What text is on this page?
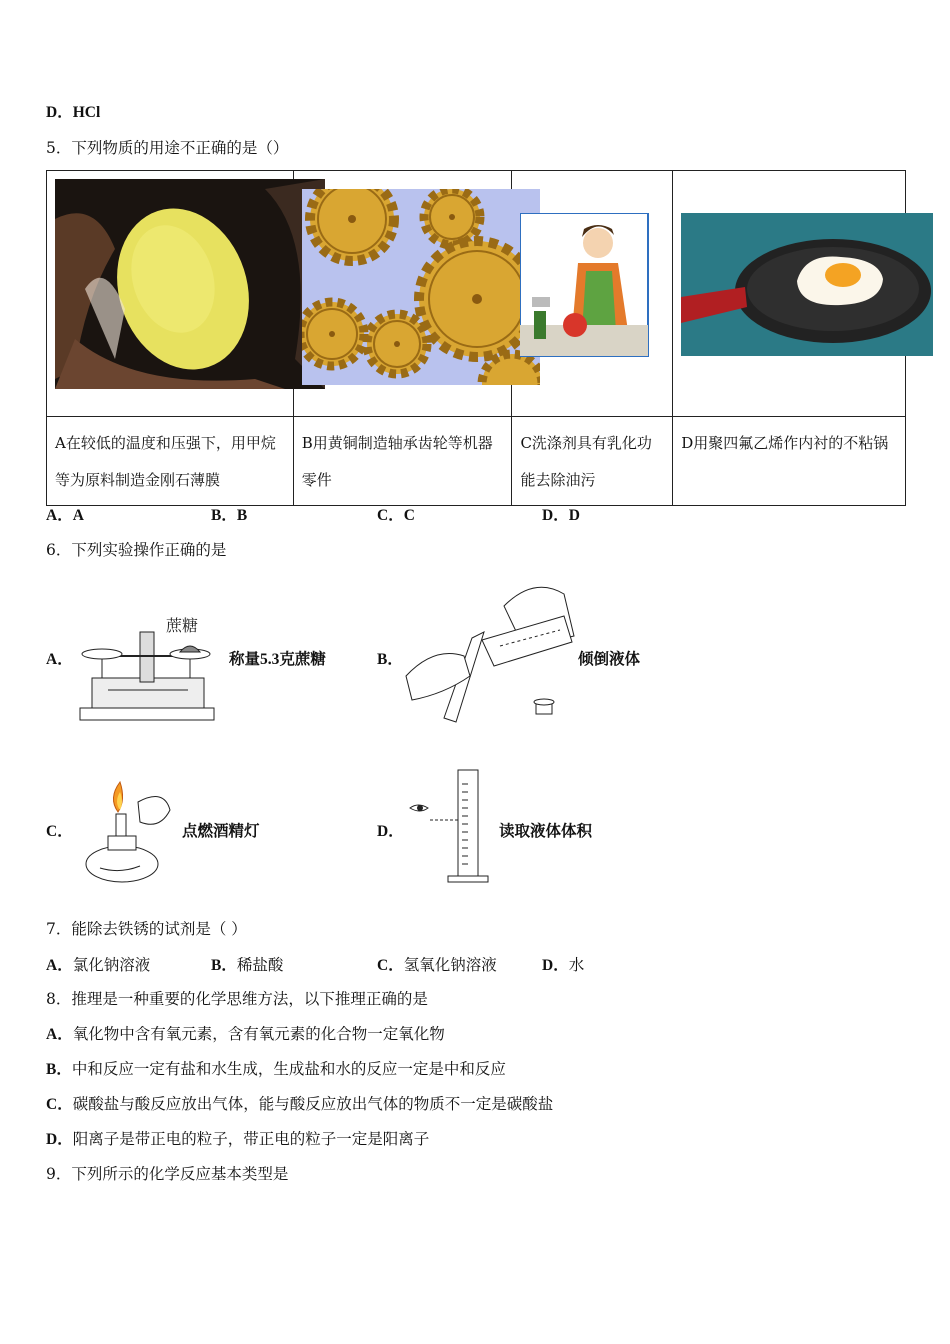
D．HCl
5．下列物质的用途不正确的是（）

A在较低的温度和压强下，用甲烷等为原料制造金刚石薄膜	B用黄铜制造轴承齿轮等机器零件	C洗涤剂具有乳化功能去除油污	D用聚四氟乙烯作内衬的不粘锅
A．A	B．B	C．C	D．D
6．下列实验操作正确的是
A．
蔗糖
称量5.3克蔗糖	B．	倾倒液体
C．	点燃酒精灯	D．	读取液体体积
7．能除去铁锈的试剂是（ ）
A．氯化钠溶液	B．稀盐酸	C．氢氧化钠溶液	D．水
8．推理是一种重要的化学思维方法，以下推理正确的是
A．氧化物中含有氧元素，含有氧元素的化合物一定氧化物
B．中和反应一定有盐和水生成，生成盐和水的反应一定是中和反应
C．碳酸盐与酸反应放出气体，能与酸反应放出气体的物质不一定是碳酸盐
D．阳离子是带正电的粒子，带正电的粒子一定是阳离子
9．下列所示的化学反应基本类型是
